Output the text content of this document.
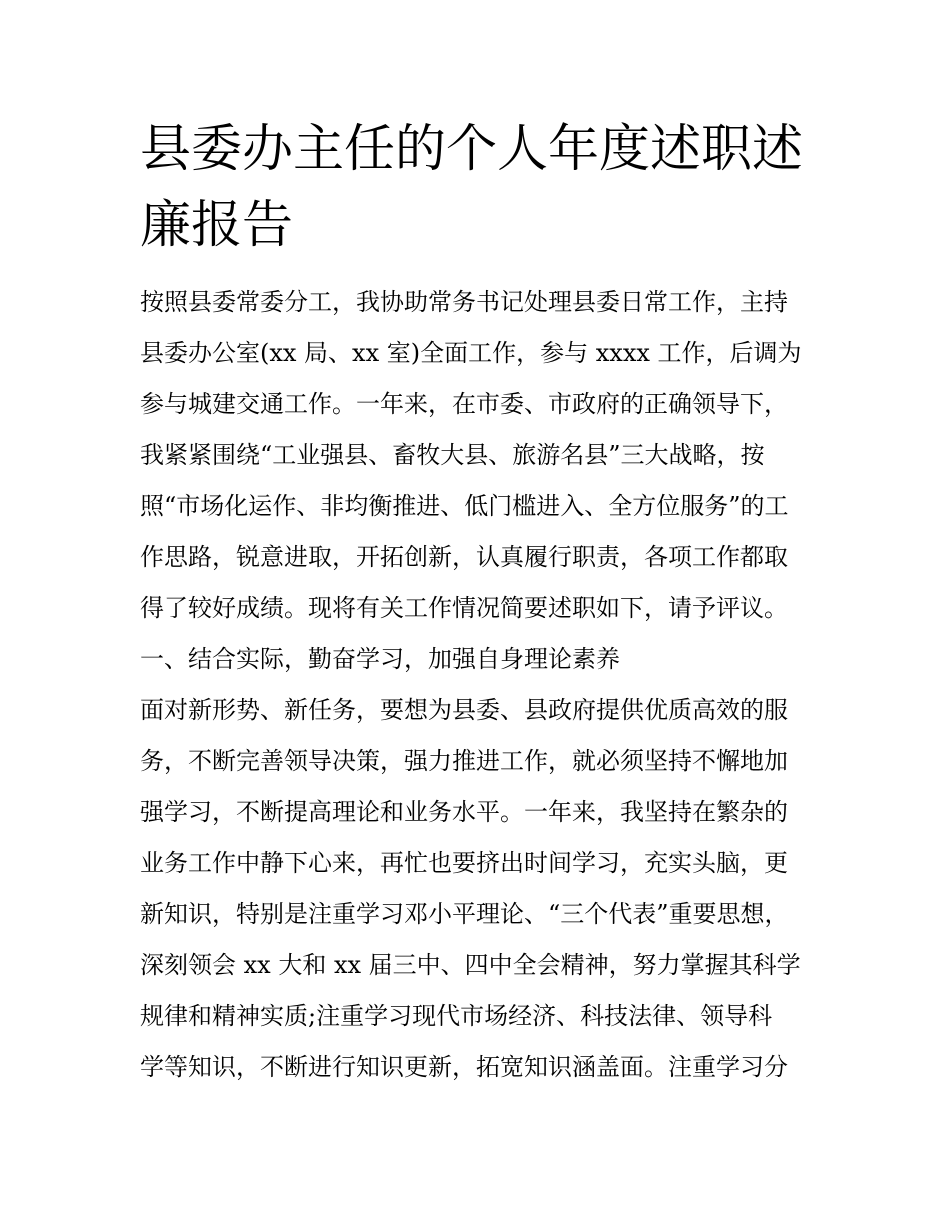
县委办主任的个人年度述职述
廉报告
按照县委常委分工，我协助常务书记处理县委日常工作，主持
县委办公室(xx 局、xx 室)全面工作，参与 xxxx 工作，后调为
参与城建交通工作。一年来，在市委、市政府的正确领导下，
我紧紧围绕“工业强县、畜牧大县、旅游名县”三大战略，按
照“市场化运作、非均衡推进、低门槛进入、全方位服务”的工
作思路，锐意进取，开拓创新，认真履行职责，各项工作都取
得了较好成绩。现将有关工作情况简要述职如下，请予评议。
一、结合实际，勤奋学习，加强自身理论素养
面对新形势、新任务，要想为县委、县政府提供优质高效的服
务，不断完善领导决策，强力推进工作，就必须坚持不懈地加
强学习，不断提高理论和业务水平。一年来，我坚持在繁杂的
业务工作中静下心来，再忙也要挤出时间学习，充实头脑，更
新知识，特别是注重学习邓小平理论、“三个代表”重要思想，
深刻领会 xx 大和 xx 届三中、四中全会精神，努力掌握其科学
规律和精神实质;注重学习现代市场经济、科技法律、领导科
学等知识，不断进行知识更新，拓宽知识涵盖面。注重学习分
